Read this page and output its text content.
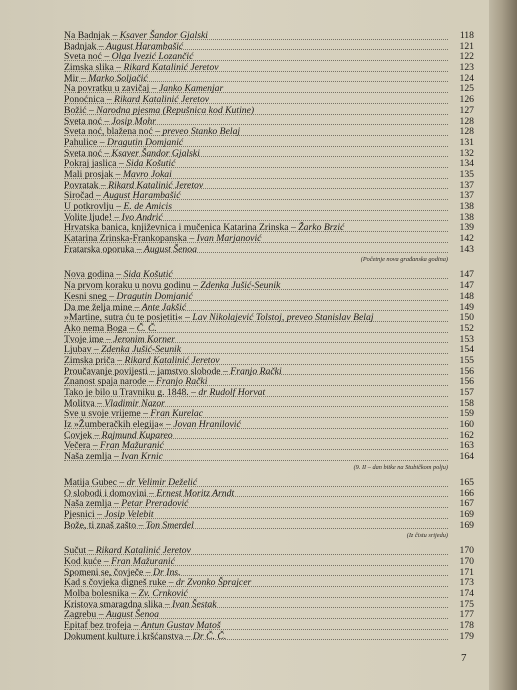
Na Badnjak – Ksaver Šandor Gjalski	118
Badnjak – August Harambašić	121
Sveta noć – Olga Ivezić Lozančić	122
Zimska slika – Rikard Katalinić Jeretov	123
Mir – Marko Soljačić	124
Na povratku u zavičaj – Janko Kamenjar	125
Ponoćnica – Rikard Katalinić Jeretov	126
Božić – Narodna pjesma (Repušnica kod Kutine)	127
Sveta noć – Josip Mohr	128
Sveta noć, blažena noć – preveo Stanko Belaj	128
Pahulice – Dragutin Domjanić	131
Sveta noć – Ksaver Šandor Gjalski	132
Pokraj jaslica – Sida Košutić	134
Mali prosjak – Mavro Jokai	135
Povratak – Rikard Katalinić Jeretov	137
Siročad – August Harambašić	137
U potkrovlju – E. de Amicis	138
Volite ljude! – Ivo Andrić	138
Hrvatska banica, književnica i mučenica Katarina Zrinska – Žarko Brzić	139
Katarina Zrinska-Frankopanska – Ivan Marjanović	142
Fratarska oporuka – August Šenoa	143
(Početnje nova građanska godina)
Nova godina – Sida Košutić	147
Na prvom koraku u novu godinu – Zdenka Jušić-Seunik	147
Kesni sneg – Dragutin Domjanić	148
Da me želja mine – Ante Jakšić	149
»Martine, sutra ću te posjetiti« – Lav Nikolajević Tolstoj, preveo Stanislav Belaj	150
Ako nema Boga – Č. Č.	152
Tvoje ime – Jeronim Korner	153
Ljubav – Zdenka Jušić-Seunik	154
Zimska priča – Rikard Katalinić Jeretov	155
Proučavanje povijesti – jamstvo slobode – Franjo Rački	156
Znanost spaja narode – Franjo Rački	156
Tako je bilo u Travniku g. 1848. – dr Rudolf Horvat	157
Molitva – Vladimir Nazor	158
Sve u svoje vrijeme – Fran Kurelac	159
Iz »Žumberačkih elegija« – Jovan Hranilović	160
Covjek – Rajmund Kupareo	162
Večera – Fran Mažuranić	163
Naša zemlja – Ivan Krnic	164
(9. II – dan bitke na Stubičkom polju)
Matija Gubec – dr Velimir Deželić	165
O slobodi i domovini – Ernest Moritz Arndt	166
Naša zemlja – Petar Preradović	167
Pjesnici – Josip Velebit	169
Bože, ti znaš zašto – Ton Smerdel	169
(Iz čistu srijedu)
Sučut – Rikard Katalinić Jeretov	170
Kod kuće – Fran Mažuranić	170
Spomeni se, čovječe – Dr Ins.	171
Kad s čovjeka digneš ruke – dr Zvonko Šprajcer	173
Molba bolesnika – Zv. Crnković	174
Kristova smaragdna slika – Ivan Šestak	175
Zagrebu – August Šenoa	177
Epitaf bez trofeja – Antun Gustav Matoš	178
Dokument kulture i kršćanstva – Dr Č. Č.	179
7
